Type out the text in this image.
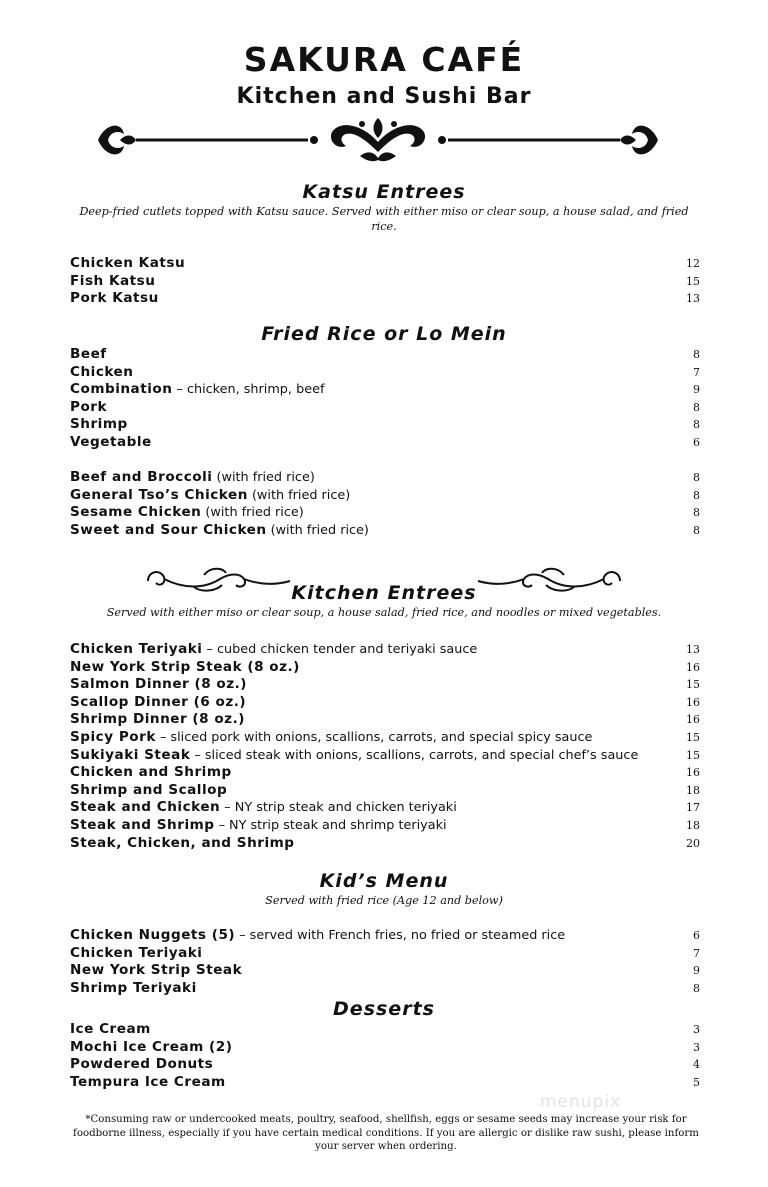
SAKURA CAFÉ
Kitchen and Sushi Bar
Katsu Entrees
Deep-fried cutlets topped with Katsu sauce. Served with either miso or clear soup, a house salad, and fried rice.
Chicken Katsu	12
Fish Katsu	15
Pork Katsu	13
Fried Rice or Lo Mein
Beef	8
Chicken	7
Combination – chicken, shrimp, beef	9
Pork	8
Shrimp	8
Vegetable	6
Beef and Broccoli (with fried rice)	8
General Tso’s Chicken (with fried rice)	8
Sesame Chicken (with fried rice)	8
Sweet and Sour Chicken (with fried rice)	8
Kitchen Entrees
Served with either miso or clear soup, a house salad, fried rice, and noodles or mixed vegetables.
Chicken Teriyaki – cubed chicken tender and teriyaki sauce	13
New York Strip Steak (8 oz.)	16
Salmon Dinner (8 oz.)	15
Scallop Dinner (6 oz.)	16
Shrimp Dinner (8 oz.)	16
Spicy Pork – sliced pork with onions, scallions, carrots, and special spicy sauce	15
Sukiyaki Steak – sliced steak with onions, scallions, carrots, and special chef’s sauce	15
Chicken and Shrimp	16
Shrimp and Scallop	18
Steak and Chicken – NY strip steak and chicken teriyaki	17
Steak and Shrimp – NY strip steak and shrimp teriyaki	18
Steak, Chicken, and Shrimp	20
Kid’s Menu
Served with fried rice (Age 12 and below)
Chicken Nuggets (5) – served with French fries, no fried or steamed rice	6
Chicken Teriyaki	7
New York Strip Steak	9
Shrimp Teriyaki	8
Desserts
Ice Cream	3
Mochi Ice Cream (2)	3
Powdered Donuts	4
Tempura Ice Cream	5

menupix

*Consuming raw or undercooked meats, poultry, seafood, shellfish, eggs or sesame seeds may increase your risk for foodborne illness, especially if you have certain medical conditions. If you are allergic or dislike raw sushi, please inform your server when ordering.
